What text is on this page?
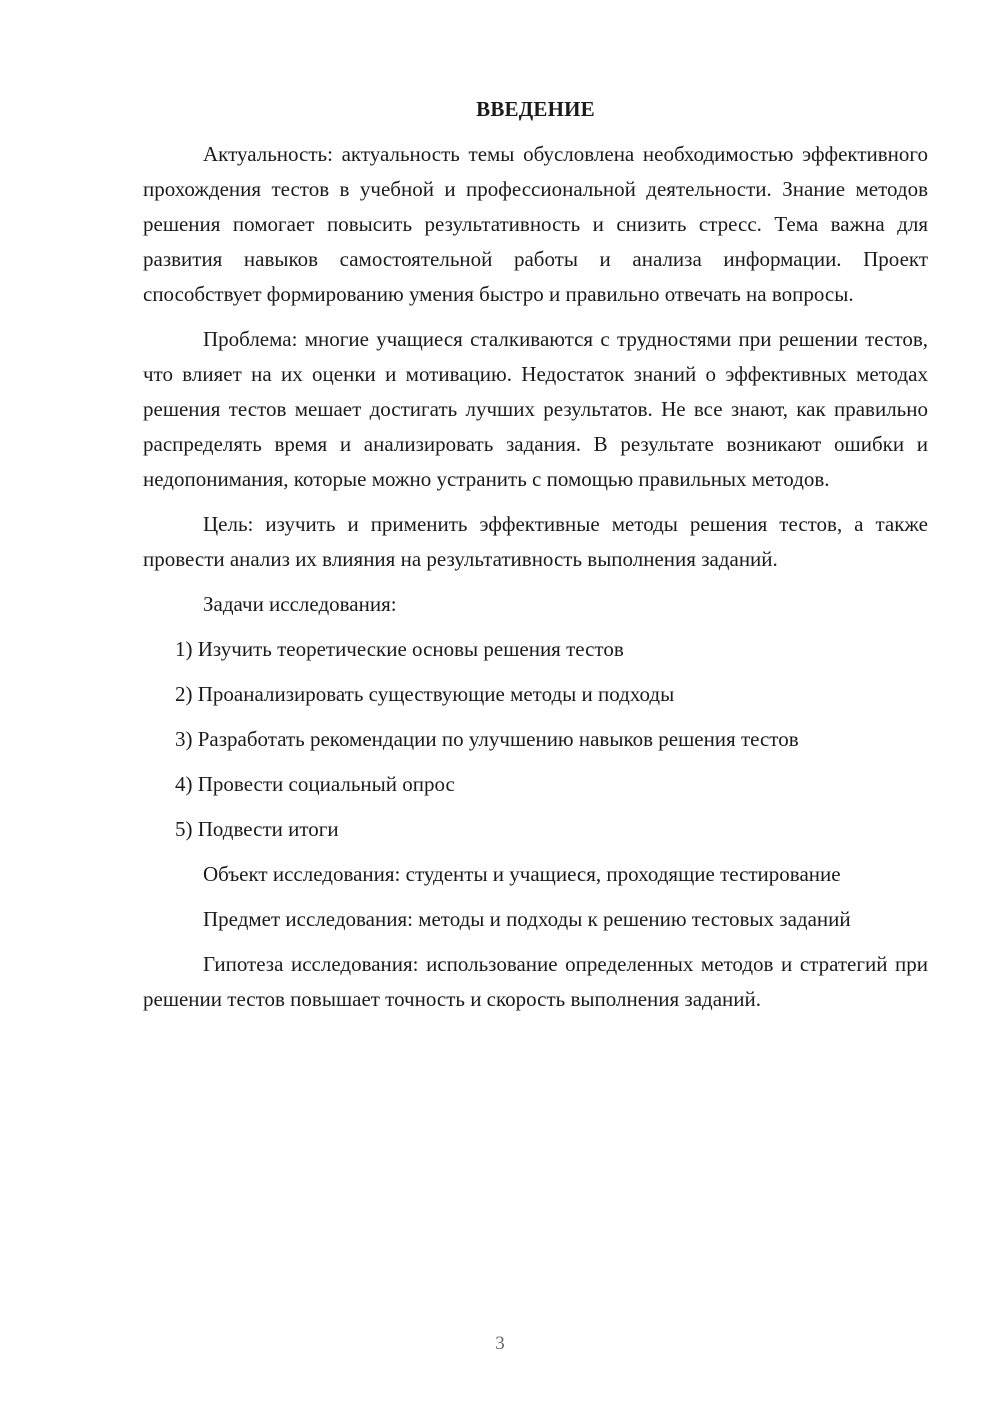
ВВЕДЕНИЕ

Актуальность: актуальность темы обусловлена необходимостью эффективного прохождения тестов в учебной и профессиональной деятельности. Знание методов решения помогает повысить результативность и снизить стресс. Тема важна для развития навыков самостоятельной работы и анализа информации. Проект способствует формированию умения быстро и правильно отвечать на вопросы.

Проблема: многие учащиеся сталкиваются с трудностями при решении тестов, что влияет на их оценки и мотивацию. Недостаток знаний о эффективных методах решения тестов мешает достигать лучших результатов. Не все знают, как правильно распределять время и анализировать задания. В результате возникают ошибки и недопонимания, которые можно устранить с помощью правильных методов.

Цель: изучить и применить эффективные методы решения тестов, а также провести анализ их влияния на результативность выполнения заданий.

Задачи исследования:
1) Изучить теоретические основы решения тестов
2) Проанализировать существующие методы и подходы
3) Разработать рекомендации по улучшению навыков решения тестов
4) Провести социальный опрос
5) Подвести итоги

Объект исследования: студенты и учащиеся, проходящие тестирование

Предмет исследования: методы и подходы к решению тестовых заданий

Гипотеза исследования: использование определенных методов и стратегий при решении тестов повышает точность и скорость выполнения заданий.

3
